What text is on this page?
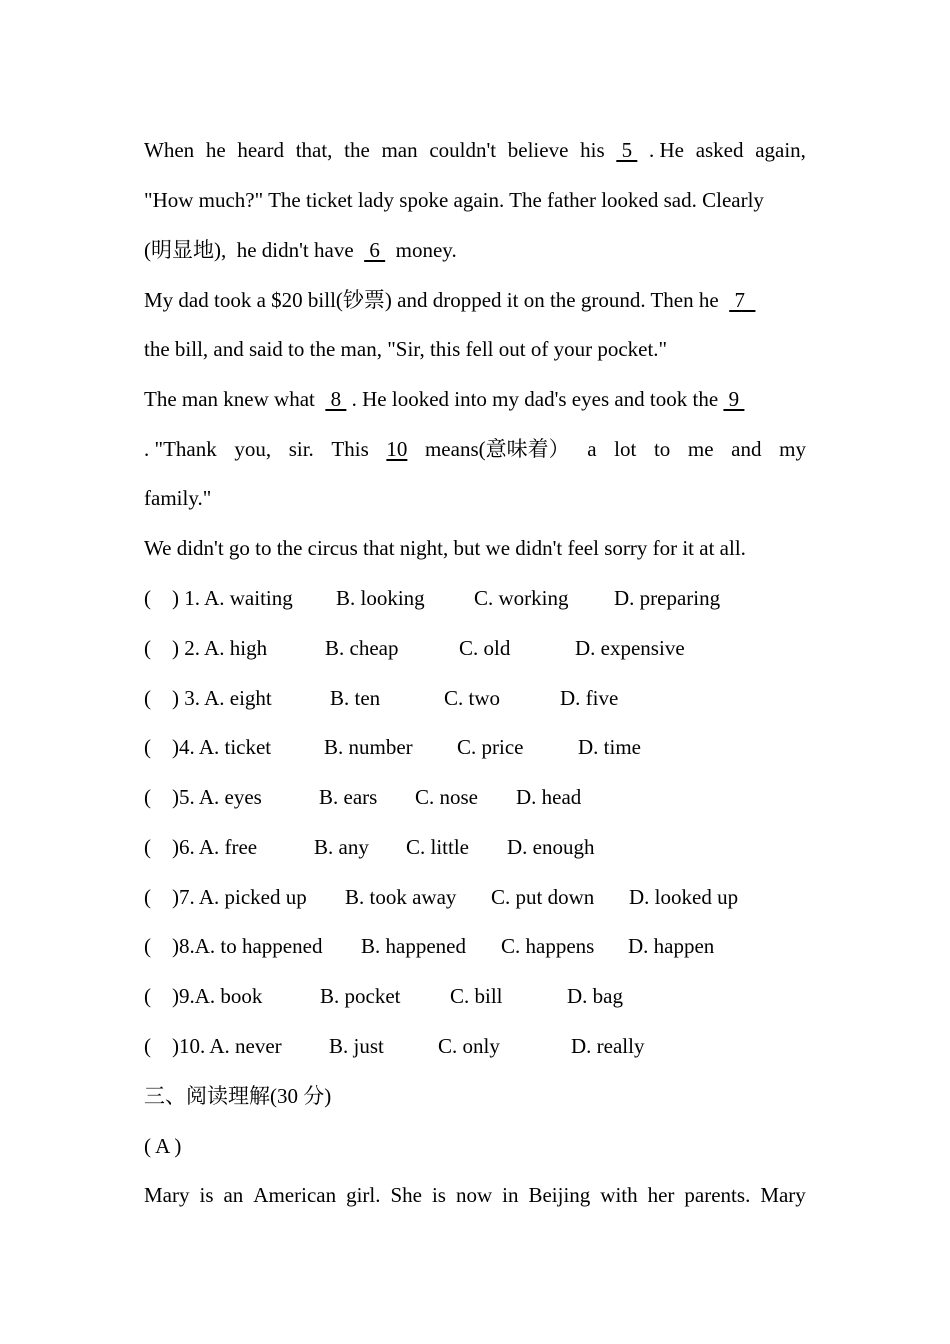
When he heard that, the man couldn't believe his 5 . He asked again,
"How much?" The ticket lady spoke again. The father looked sad. Clearly
(明显地),  he didn't have   6   money.
My dad took a $20 bill(钞票) and dropped it on the ground. Then he   7
the bill, and said to the man, "Sir, this fell out of your pocket."
The man knew what   8  . He looked into my dad's eyes and took the  9
. "Thank you, sir. This 10 means(意味着） a lot to me and my
family."
We didn't go to the circus that night, but we didn't feel sorry for it at all.
(    ) 1. A. waiting B. looking C. working D. preparing
(    ) 2. A. high	B. cheap	C. old	D. expensive
(    ) 3. A. eight	B. ten	C. two	D. five
(    )4. A. ticket	B. number C. price	D. time
(    )5. A. eyes	B. ears C. nose D. head
(    )6. A. free	B. any C. little D. enough
(    )7. A. picked up B. took away C. put down D. looked up
(    )8.A. to happened B. happened C. happens D. happen
(    )9.A. book	B. pocket C. bill	D. bag
(    )10. A. never B. just	C. only	D. really
三、阅读理解(30 分)
( A )
Mary is an American girl. She is now in Beijing with her parents. Mary
